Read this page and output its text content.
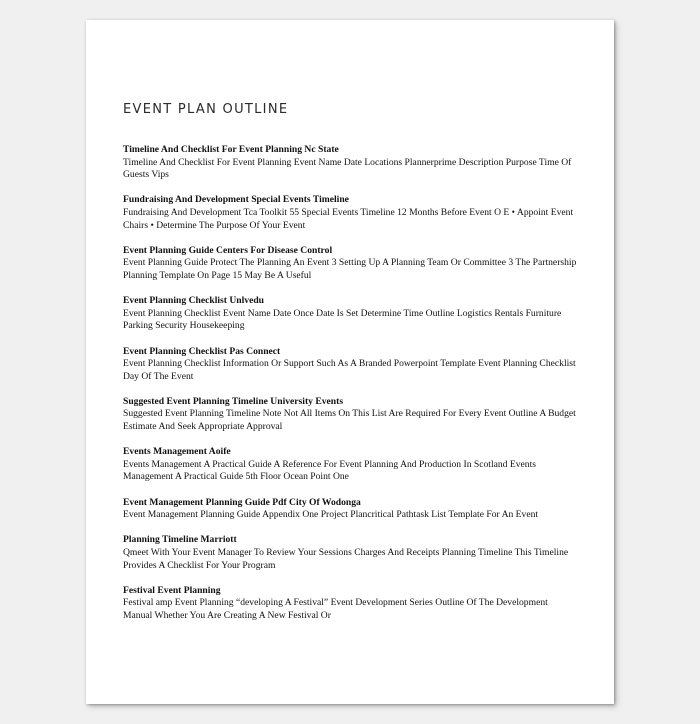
EVENT PLAN OUTLINE

Timeline And Checklist For Event Planning Nc State

Timeline And Checklist For Event Planning Event Name Date Locations Plannerprime Description Purpose Time Of Guests Vips

Fundraising And Development Special Events Timeline

Fundraising And Development Tca Toolkit 55 Special Events Timeline 12 Months Before Event O E • Appoint Event Chairs • Determine The Purpose Of Your Event

Event Planning Guide Centers For Disease Control

Event Planning Guide Protect The Planning An Event 3 Setting Up A Planning Team Or Committee 3 The Partnership Planning Template On Page 15 May Be A Useful

Event Planning Checklist Unlvedu

Event Planning Checklist Event Name Date Once Date Is Set Determine Time Outline Logistics Rentals Furniture Parking Security Housekeeping

Event Planning Checklist Pas Connect

Event Planning Checklist Information Or Support Such As A Branded Powerpoint Template Event Planning Checklist Day Of The Event

Suggested Event Planning Timeline University Events

Suggested Event Planning Timeline Note Not All Items On This List Are Required For Every Event Outline A Budget Estimate And Seek Appropriate Approval

Events Management Aoife

Events Management A Practical Guide A Reference For Event Planning And Production In Scotland Events Management A Practical Guide 5th Floor Ocean Point One

Event Management Planning Guide Pdf City Of Wodonga

Event Management Planning Guide Appendix One Project Plancritical Pathtask List Template For An Event

Planning Timeline Marriott

Qmeet With Your Event Manager To Review Your Sessions Charges And Receipts Planning Timeline This Timeline Provides A Checklist For Your Program

Festival Event Planning

Festival amp Event Planning “developing A Festival” Event Development Series Outline Of The Development Manual Whether You Are Creating A New Festival Or
